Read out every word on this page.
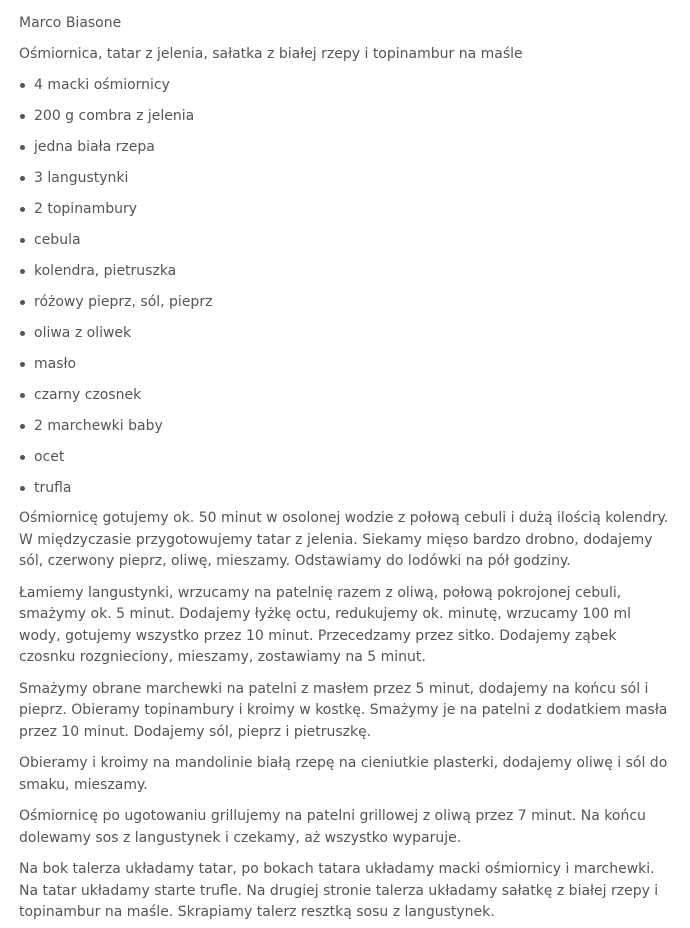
Marco Biasone

Ośmiornica, tatar z jelenia, sałatka z białej rzepy i topinambur na maśle

4 macki ośmiornicy
200 g combra z jelenia
jedna biała rzepa
3 langustynki
2 topinambury
cebula
kolendra, pietruszka
różowy pieprz, sól, pieprz
oliwa z oliwek
masło
czarny czosnek
2 marchewki baby
ocet
trufla

Ośmiornicę gotujemy ok. 50 minut w osolonej wodzie z połową cebuli i dużą ilością kolendry. W międzyczasie przygotowujemy tatar z jelenia. Siekamy mięso bardzo drobno, dodajemy sól, czerwony pieprz, oliwę, mieszamy. Odstawiamy do lodówki na pół godziny.

Łamiemy langustynki, wrzucamy na patelnię razem z oliwą, połową pokrojonej cebuli, smażymy ok. 5 minut. Dodajemy łyżkę octu, redukujemy ok. minutę, wrzucamy 100 ml wody, gotujemy wszystko przez 10 minut. Przecedzamy przez sitko. Dodajemy ząbek czosnku rozgnieciony, mieszamy, zostawiamy na 5 minut.

Smażymy obrane marchewki na patelni z masłem przez 5 minut, dodajemy na końcu sól i pieprz. Obieramy topinambury i kroimy w kostkę. Smażymy je na patelni z dodatkiem masła przez 10 minut. Dodajemy sól, pieprz i pietruszkę.

Obieramy i kroimy na mandolinie białą rzepę na cieniutkie plasterki, dodajemy oliwę i sól do smaku, mieszamy.

Ośmiornicę po ugotowaniu grillujemy na patelni grillowej z oliwą przez 7 minut. Na końcu dolewamy sos z langustynek i czekamy, aż wszystko wyparuje.

Na bok talerza układamy tatar, po bokach tatara układamy macki ośmiornicy i marchewki. Na tatar układamy starte trufle. Na drugiej stronie talerza układamy sałatkę z białej rzepy i topinambur na maśle. Skrapiamy talerz resztką sosu z langustynek.
